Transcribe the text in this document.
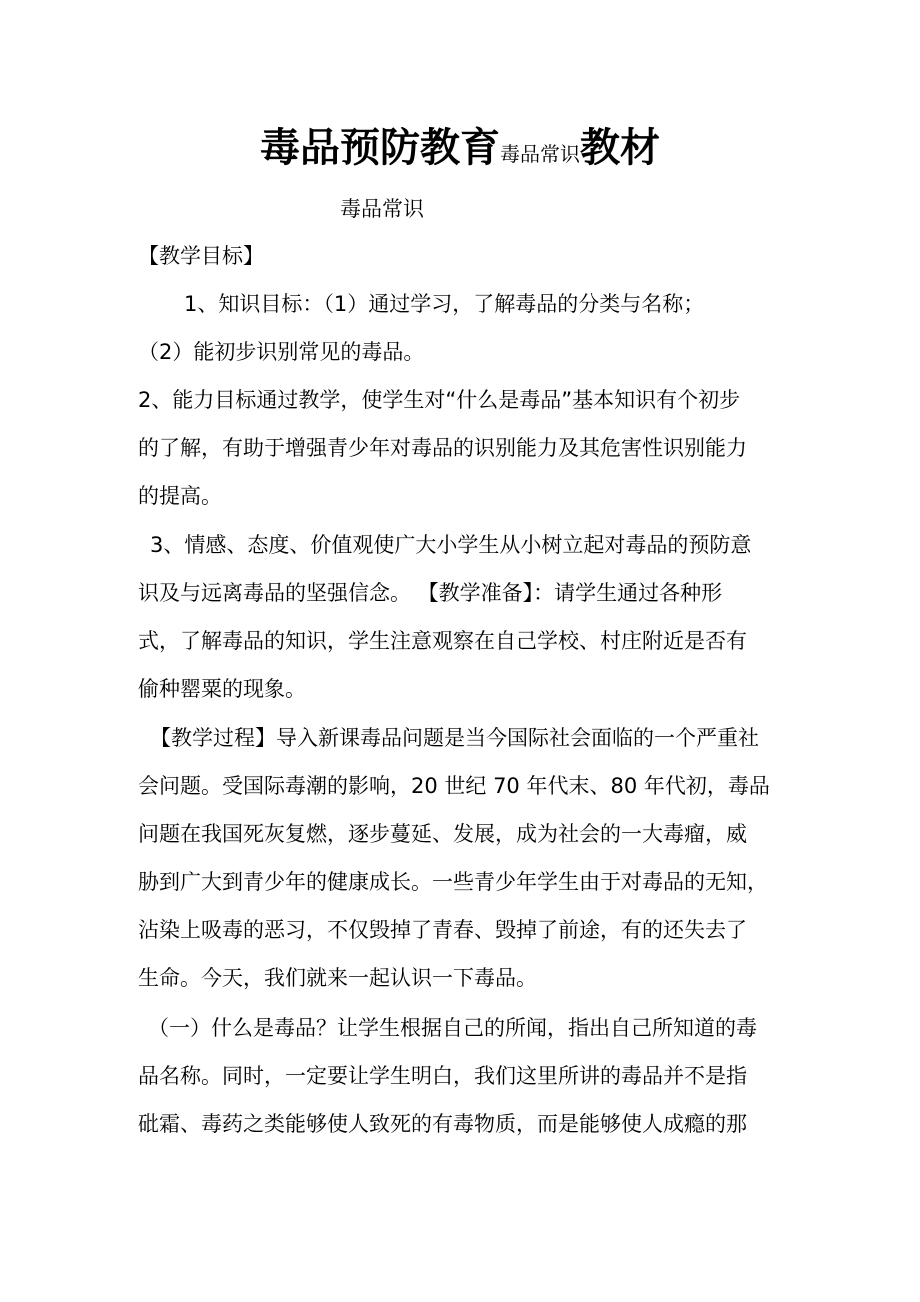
毒品预防教育毒品常识教材
毒品常识
【教学目标】
1、知识目标：（1）通过学习，了解毒品的分类与名称；
（2）能初步识别常见的毒品。
2、能力目标通过教学，使学生对“什么是毒品”基本知识有个初步
的了解，有助于增强青少年对毒品的识别能力及其危害性识别能力
的提高。
3、情感、态度、价值观使广大小学生从小树立起对毒品的预防意
识及与远离毒品的坚强信念。 【教学准备】：请学生通过各种形
式，了解毒品的知识，学生注意观察在自己学校、村庄附近是否有
偷种罂粟的现象。
【教学过程】导入新课毒品问题是当今国际社会面临的一个严重社
会问题。受国际毒潮的影响，20 世纪 70 年代末、80 年代初，毒品
问题在我国死灰复燃，逐步蔓延、发展，成为社会的一大毒瘤，威
胁到广大到青少年的健康成长。一些青少年学生由于对毒品的无知，
沾染上吸毒的恶习，不仅毁掉了青春、毁掉了前途，有的还失去了
生命。今天，我们就来一起认识一下毒品。
（一）什么是毒品？让学生根据自己的所闻，指出自己所知道的毒
品名称。同时，一定要让学生明白，我们这里所讲的毒品并不是指
砒霜、毒药之类能够使人致死的有毒物质，而是能够使人成瘾的那
